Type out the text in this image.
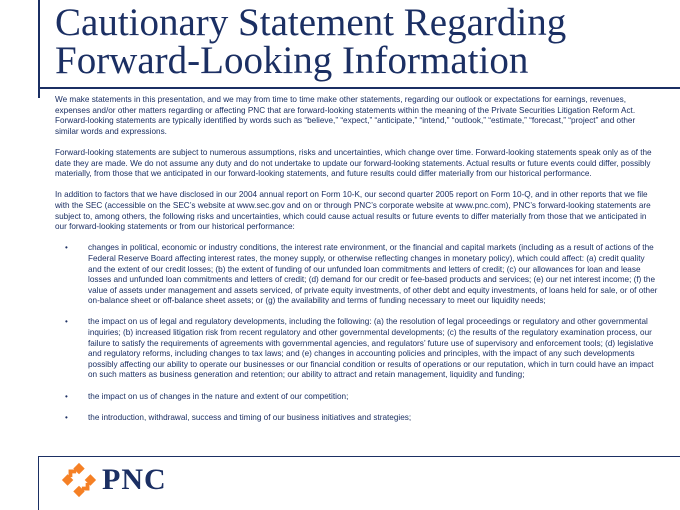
Cautionary Statement Regarding
Forward-Looking Information

We make statements in this presentation, and we may from time to time make other statements, regarding our outlook or expectations for earnings, revenues, expenses and/or other matters regarding or affecting PNC that are forward-looking statements within the meaning of the Private Securities Litigation Reform Act. Forward-looking statements are typically identified by words such as “believe,” “expect,” “anticipate,” “intend,” “outlook,” “estimate,” “forecast,” “project” and other similar words and expressions.

Forward-looking statements are subject to numerous assumptions, risks and uncertainties, which change over time. Forward-looking statements speak only as of the date they are made. We do not assume any duty and do not undertake to update our forward-looking statements. Actual results or future events could differ, possibly materially, from those that we anticipated in our forward-looking statements, and future results could differ materially from our historical performance.

In addition to factors that we have disclosed in our 2004 annual report on Form 10-K, our second quarter 2005 report on Form 10-Q, and in other reports that we file with the SEC (accessible on the SEC’s website at www.sec.gov and on or through PNC’s corporate website at www.pnc.com), PNC’s forward-looking statements are subject to, among others, the following risks and uncertainties, which could cause actual results or future events to differ materially from those that we anticipated in our forward-looking statements or from our historical performance:

• changes in political, economic or industry conditions, the interest rate environment, or the financial and capital markets (including as a result of actions of the Federal Reserve Board affecting interest rates, the money supply, or otherwise reflecting changes in monetary policy), which could affect: (a) credit quality and the extent of our credit losses; (b) the extent of funding of our unfunded loan commitments and letters of credit; (c) our allowances for loan and lease losses and unfunded loan commitments and letters of credit; (d) demand for our credit or fee-based products and services; (e) our net interest income; (f) the value of assets under management and assets serviced, of private equity investments, of other debt and equity investments, of loans held for sale, or of other on-balance sheet or off-balance sheet assets; or (g) the availability and terms of funding necessary to meet our liquidity needs;
• the impact on us of legal and regulatory developments, including the following: (a) the resolution of legal proceedings or regulatory and other governmental inquiries; (b) increased litigation risk from recent regulatory and other governmental developments; (c) the results of the regulatory examination process, our failure to satisfy the requirements of agreements with governmental agencies, and regulators’ future use of supervisory and enforcement tools; (d) legislative and regulatory reforms, including changes to tax laws; and (e) changes in accounting policies and principles, with the impact of any such developments possibly affecting our ability to operate our businesses or our financial condition or results of operations or our reputation, which in turn could have an impact on such matters as business generation and retention; our ability to attract and retain management, liquidity and funding;
• the impact on us of changes in the nature and extent of our competition;
• the introduction, withdrawal, success and timing of our business initiatives and strategies;
PNC
